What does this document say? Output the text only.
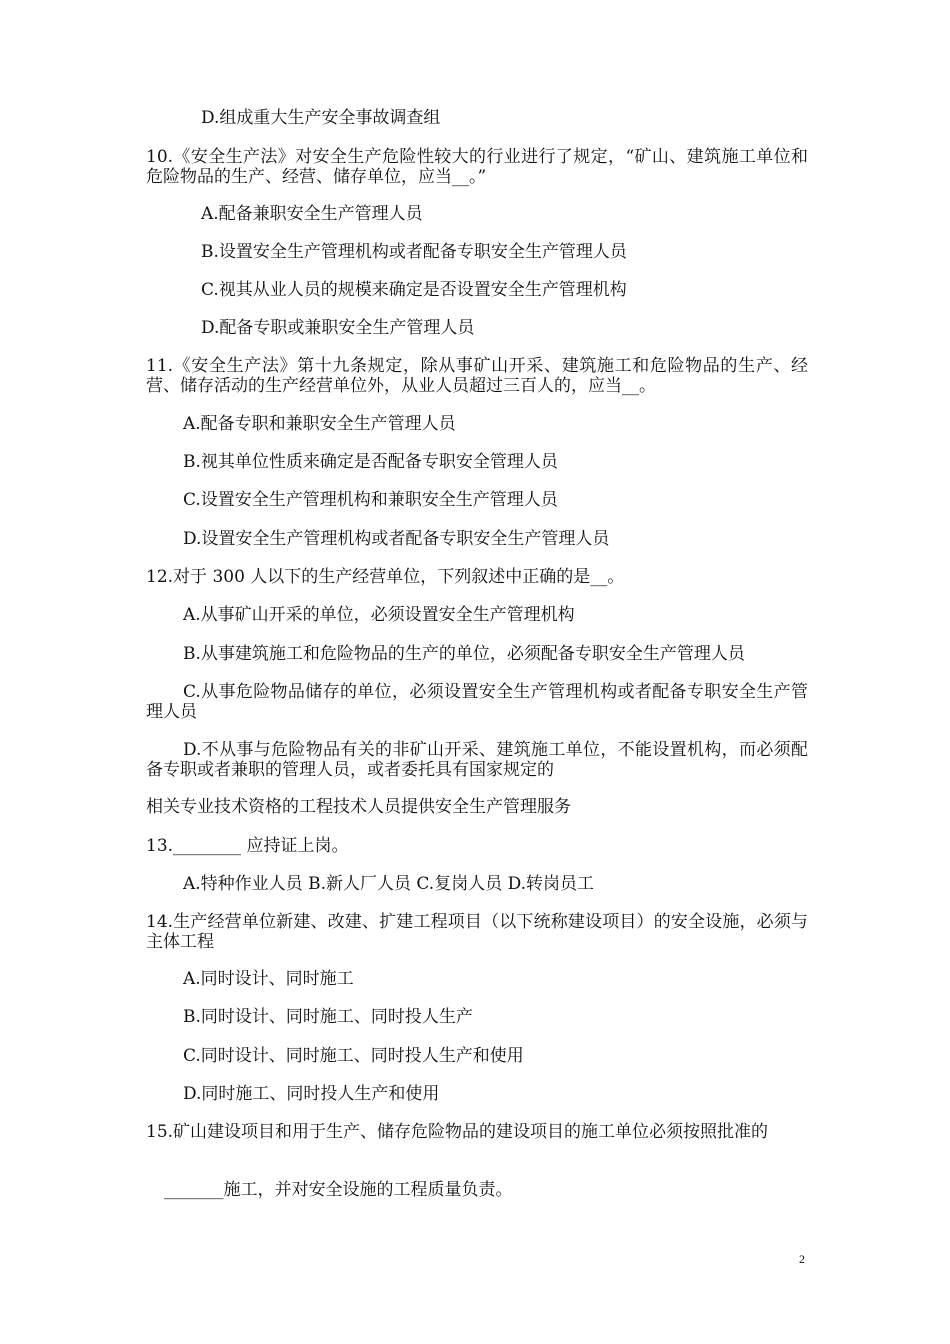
D.组成重大生产安全事故调查组
10.《安全生产法》对安全生产危险性较大的行业进行了规定，“矿山、建筑施工单位和危险物品的生产、经营、储存单位，应当__。”
A.配备兼职安全生产管理人员
B.设置安全生产管理机构或者配备专职安全生产管理人员
C.视其从业人员的规模来确定是否设置安全生产管理机构
D.配备专职或兼职安全生产管理人员
11.《安全生产法》第十九条规定，除从事矿山开采、建筑施工和危险物品的生产、经营、储存活动的生产经营单位外，从业人员超过三百人的，应当__。
A.配备专职和兼职安全生产管理人员
B.视其单位性质来确定是否配备专职安全管理人员
C.设置安全生产管理机构和兼职安全生产管理人员
D.设置安全生产管理机构或者配备专职安全生产管理人员
12.对于 300 人以下的生产经营单位，下列叙述中正确的是__。
A.从事矿山开采的单位，必须设置安全生产管理机构
B.从事建筑施工和危险物品的生产的单位，必须配备专职安全生产管理人员
C.从事危险物品储存的单位，必须设置安全生产管理机构或者配备专职安全生产管理人员
D.不从事与危险物品有关的非矿山开采、建筑施工单位，不能设置机构，而必须配备专职或者兼职的管理人员，或者委托具有国家规定的
相关专业技术资格的工程技术人员提供安全生产管理服务
13.________ 应持证上岗。
A.特种作业人员 B.新人厂人员 C.复岗人员 D.转岗员工
14.生产经营单位新建、改建、扩建工程项目（以下统称建设项目）的安全设施，必须与主体工程
A.同时设计、同时施工
B.同时设计、同时施工、同时投人生产
C.同时设计、同时施工、同时投人生产和使用
D.同时施工、同时投人生产和使用
15.矿山建设项目和用于生产、储存危险物品的建设项目的施工单位必须按照批准的
_______施工，并对安全设施的工程质量负责。
2
